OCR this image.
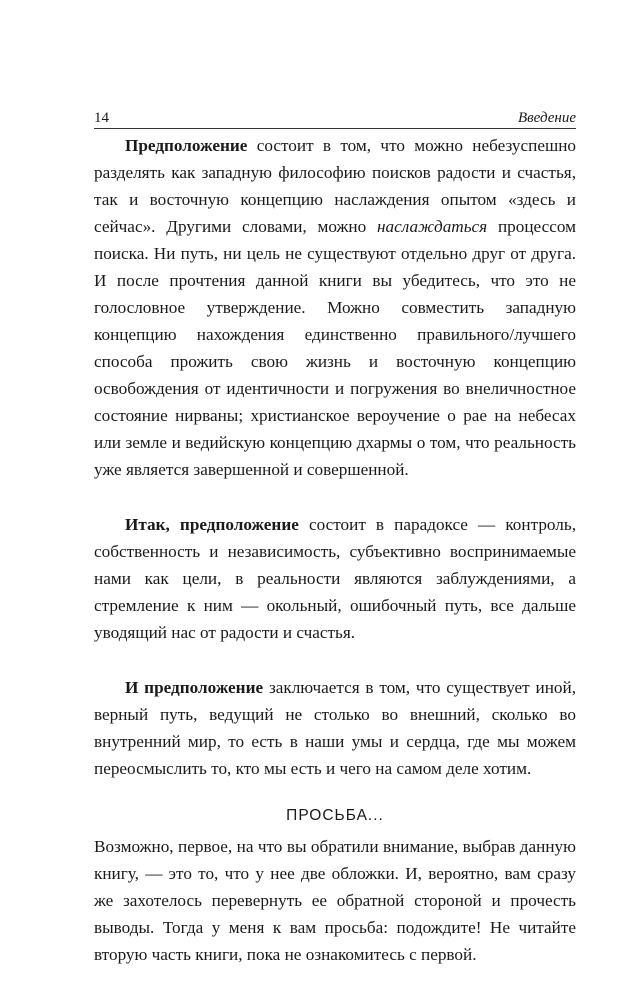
14	Введение

Предположение состоит в том, что можно небезуспешно разделять как западную философию поисков радости и счастья, так и восточную концепцию наслаждения опытом «здесь и сейчас». Другими словами, можно наслаждаться процессом поиска. Ни путь, ни цель не существуют отдельно друг от друга. И после прочтения данной книги вы убедитесь, что это не голословное утверждение. Можно совместить западную концепцию нахождения единственно правильного/лучшего способа прожить свою жизнь и восточную концепцию освобождения от идентичности и погружения во внеличностное состояние нирваны; христианское вероучение о рае на небесах или земле и ведийскую концепцию дхармы о том, что реальность уже является завершенной и совершенной.

Итак, предположение состоит в парадоксе — контроль, собственность и независимость, субъективно воспринимаемые нами как цели, в реальности являются заблуждениями, а стремление к ним — окольный, ошибочный путь, все дальше уводящий нас от радости и счастья.

И предположение заключается в том, что существует иной, верный путь, ведущий не столько во внешний, сколько во внутренний мир, то есть в наши умы и сердца, где мы можем переосмыслить то, кто мы есть и чего на самом деле хотим.

ПРОСЬБА...

Возможно, первое, на что вы обратили внимание, выбрав данную книгу, — это то, что у нее две обложки. И, вероятно, вам сразу же захотелось перевернуть ее обратной стороной и прочесть выводы. Тогда у меня к вам просьба: подождите! Не читайте вторую часть книги, пока не ознакомитесь с первой.
